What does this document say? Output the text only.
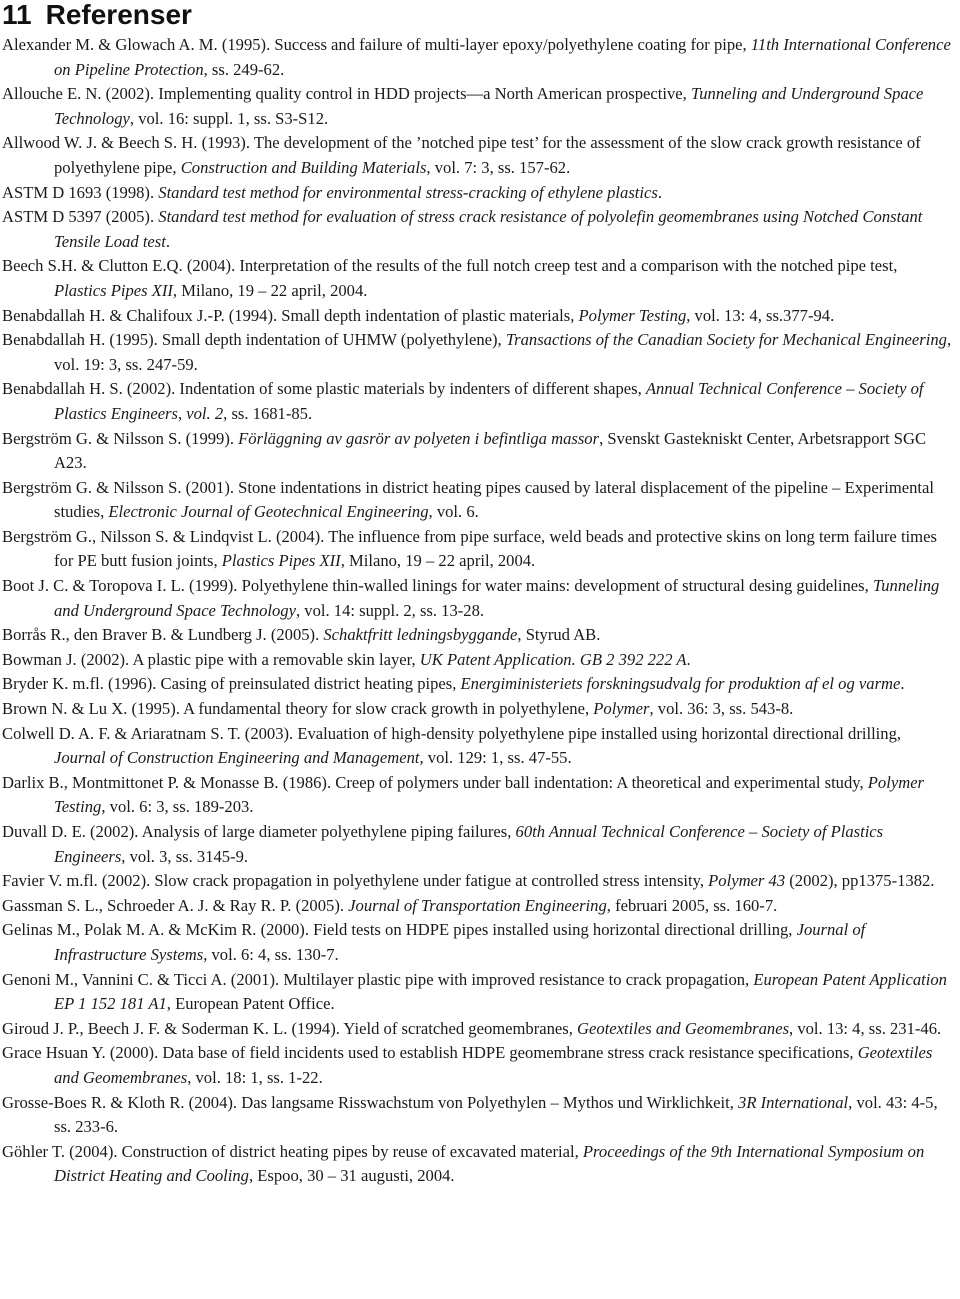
11 Referenser
Alexander M. & Glowach A. M. (1995). Success and failure of multi-layer epoxy/polyethylene coating for pipe, 11th International Conference on Pipeline Protection, ss. 249-62.
Allouche E. N. (2002). Implementing quality control in HDD projects—a North American prospective, Tunneling and Underground Space Technology, vol. 16: suppl. 1, ss. S3-S12.
Allwood W. J. & Beech S. H. (1993). The development of the ’notched pipe test’ for the assessment of the slow crack growth resistance of polyethylene pipe, Construction and Building Materials, vol. 7: 3, ss. 157-62.
ASTM D 1693 (1998). Standard test method for environmental stress-cracking of ethylene plastics.
ASTM D 5397 (2005). Standard test method for evaluation of stress crack resistance of polyolefin geomembranes using Notched Constant Tensile Load test.
Beech S.H. & Clutton E.Q. (2004). Interpretation of the results of the full notch creep test and a comparison with the notched pipe test, Plastics Pipes XII, Milano, 19 – 22 april, 2004.
Benabdallah H. & Chalifoux J.-P. (1994). Small depth indentation of plastic materials, Polymer Testing, vol. 13: 4, ss.377-94.
Benabdallah H. (1995). Small depth indentation of UHMW (polyethylene), Transactions of the Canadian Society for Mechanical Engineering, vol. 19: 3, ss. 247-59.
Benabdallah H. S. (2002). Indentation of some plastic materials by indenters of different shapes, Annual Technical Conference – Society of Plastics Engineers, vol. 2, ss. 1681-85.
Bergström G. & Nilsson S. (1999). Förläggning av gasrör av polyeten i befintliga massor, Svenskt Gastekniskt Center, Arbetsrapport SGC A23.
Bergström G. & Nilsson S. (2001). Stone indentations in district heating pipes caused by lateral displacement of the pipeline – Experimental studies, Electronic Journal of Geotechnical Engineering, vol. 6.
Bergström G., Nilsson S. & Lindqvist L. (2004). The influence from pipe surface, weld beads and protective skins on long term failure times for PE butt fusion joints, Plastics Pipes XII, Milano, 19 – 22 april, 2004.
Boot J. C. & Toropova I. L. (1999). Polyethylene thin-walled linings for water mains: development of structural desing guidelines, Tunneling and Underground Space Technology, vol. 14: suppl. 2, ss. 13-28.
Borrås R., den Braver B. & Lundberg J. (2005). Schaktfritt ledningsbyggande, Styrud AB.
Bowman J. (2002). A plastic pipe with a removable skin layer, UK Patent Application. GB 2 392 222 A.
Bryder K. m.fl. (1996). Casing of preinsulated district heating pipes, Energiministeriets forskningsudvalg for produktion af el og varme.
Brown N. & Lu X. (1995). A fundamental theory for slow crack growth in polyethylene, Polymer, vol. 36: 3, ss. 543-8.
Colwell D. A. F. & Ariaratnam S. T. (2003). Evaluation of high-density polyethylene pipe installed using horizontal directional drilling, Journal of Construction Engineering and Management, vol. 129: 1, ss. 47-55.
Darlix B., Montmittonet P. & Monasse B. (1986). Creep of polymers under ball indentation: A theoretical and experimental study, Polymer Testing, vol. 6: 3, ss. 189-203.
Duvall D. E. (2002). Analysis of large diameter polyethylene piping failures, 60th Annual Technical Conference – Society of Plastics Engineers, vol. 3, ss. 3145-9.
Favier V. m.fl. (2002). Slow crack propagation in polyethylene under fatigue at controlled stress intensity, Polymer 43 (2002), pp1375-1382.
Gassman S. L., Schroeder A. J. & Ray R. P. (2005). Journal of Transportation Engineering, februari 2005, ss. 160-7.
Gelinas M., Polak M. A. & McKim R. (2000). Field tests on HDPE pipes installed using horizontal directional drilling, Journal of Infrastructure Systems, vol. 6: 4, ss. 130-7.
Genoni M., Vannini C. & Ticci A. (2001). Multilayer plastic pipe with improved resistance to crack propagation, European Patent Application EP 1 152 181 A1, European Patent Office.
Giroud J. P., Beech J. F. & Soderman K. L. (1994). Yield of scratched geomembranes, Geotextiles and Geomembranes, vol. 13: 4, ss. 231-46.
Grace Hsuan Y. (2000). Data base of field incidents used to establish HDPE geomembrane stress crack resistance specifications, Geotextiles and Geomembranes, vol. 18: 1, ss. 1-22.
Grosse-Boes R. & Kloth R. (2004). Das langsame Risswachstum von Polyethylen – Mythos und Wirklichkeit, 3R International, vol. 43: 4-5, ss. 233-6.
Göhler T. (2004). Construction of district heating pipes by reuse of excavated material, Proceedings of the 9th International Symposium on District Heating and Cooling, Espoo, 30 – 31 augusti, 2004.
